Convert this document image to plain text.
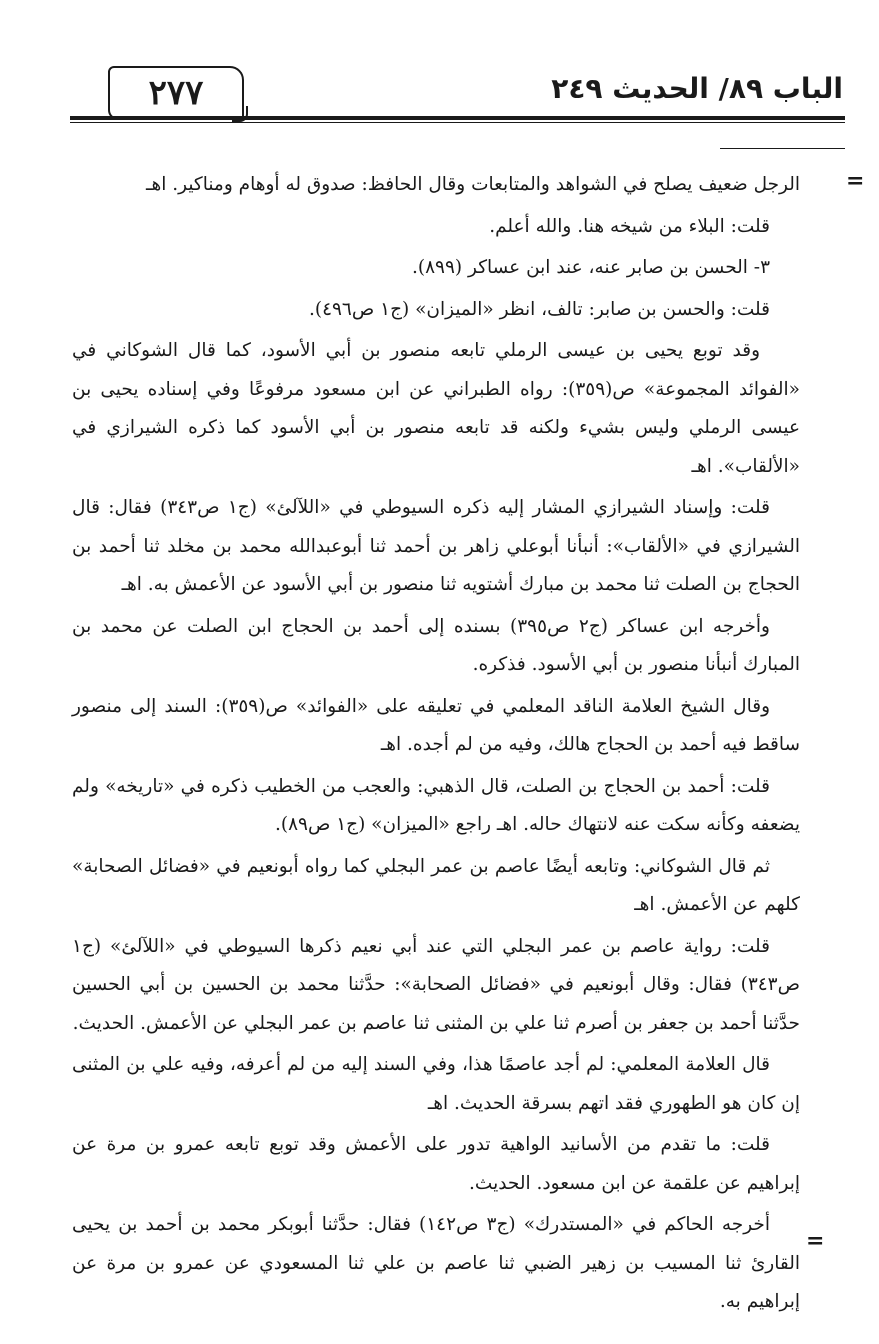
٢٧٧	الباب ٨٩/ الحديث ٢٤٩
=
=

الرجل ضعيف يصلح في الشواهد والمتابعات وقال الحافظ: صدوق له أوهام ومناكير. اهـ

قلت: البلاء من شيخه هنا. والله أعلم.

٣- الحسن بن صابر عنه، عند ابن عساكر (٨٩٩).

قلت: والحسن بن صابر: تالف، انظر «الميزان» (ج١ ص٤٩٦).

وقد توبع يحيى بن عيسى الرملي تابعه منصور بن أبي الأسود، كما قال الشوكاني في «الفوائد المجموعة» ص(٣٥٩): رواه الطبراني عن ابن مسعود مرفوعًا وفي إسناده يحيى بن عيسى الرملي وليس بشيء ولكنه قد تابعه منصور بن أبي الأسود كما ذكره الشيرازي في «الألقاب». اهـ

قلت: وإسناد الشيرازي المشار إليه ذكره السيوطي في «اللآلئ» (ج١ ص٣٤٣) فقال: قال الشيرازي في «الألقاب»: أنبأنا أبوعلي زاهر بن أحمد ثنا أبوعبدالله محمد بن مخلد ثنا أحمد بن الحجاج بن الصلت ثنا محمد بن مبارك أشتويه ثنا منصور بن أبي الأسود عن الأعمش به. اهـ

وأخرجه ابن عساكر (ج٢ ص٣٩٥) بسنده إلى أحمد بن الحجاج ابن الصلت عن محمد بن المبارك أنبأنا منصور بن أبي الأسود. فذكره.

وقال الشيخ العلامة الناقد المعلمي في تعليقه على «الفوائد» ص(٣٥٩): السند إلى منصور ساقط فيه أحمد بن الحجاج هالك، وفيه من لم أجده. اهـ

قلت: أحمد بن الحجاج بن الصلت، قال الذهبي: والعجب من الخطيب ذكره في «تاريخه» ولم يضعفه وكأنه سكت عنه لانتهاك حاله. اهـ راجع «الميزان» (ج١ ص٨٩).

ثم قال الشوكاني: وتابعه أيضًا عاصم بن عمر البجلي كما رواه أبونعيم في «فضائل الصحابة» كلهم عن الأعمش. اهـ

قلت: رواية عاصم بن عمر البجلي التي عند أبي نعيم ذكرها السيوطي في «اللآلئ» (ج١ ص٣٤٣) فقال: وقال أبونعيم في «فضائل الصحابة»: حدَّثنا محمد بن الحسين بن أبي الحسين حدَّثنا أحمد بن جعفر بن أصرم ثنا علي بن المثنى ثنا عاصم بن عمر البجلي عن الأعمش. الحديث.

قال العلامة المعلمي: لم أجد عاصمًا هذا، وفي السند إليه من لم أعرفه، وفيه علي بن المثنى إن كان هو الطهوري فقد اتهم بسرقة الحديث. اهـ

قلت: ما تقدم من الأسانيد الواهية تدور على الأعمش وقد توبع تابعه عمرو بن مرة عن إبراهيم عن علقمة عن ابن مسعود. الحديث.

أخرجه الحاكم في «المستدرك» (ج٣ ص١٤٢) فقال: حدَّثنا أبوبكر محمد بن أحمد بن يحيى القارئ ثنا المسيب بن زهير الضبي ثنا عاصم بن علي ثنا المسعودي عن عمرو بن مرة عن إبراهيم به.
